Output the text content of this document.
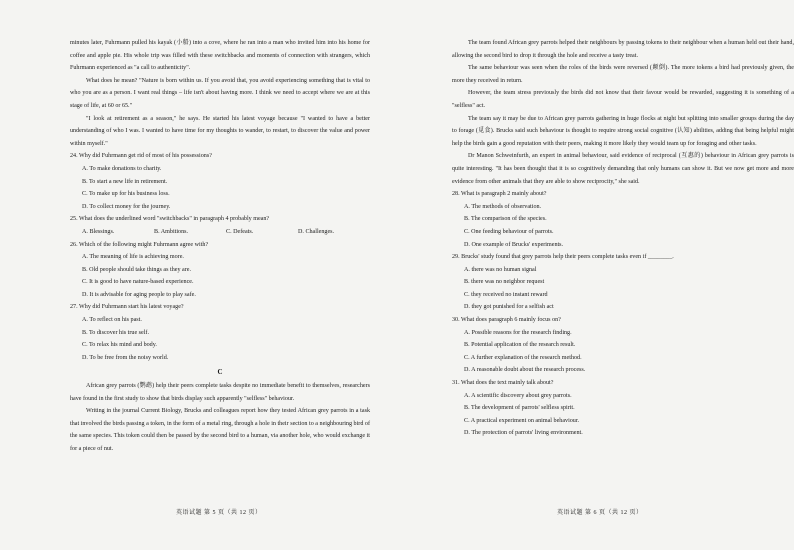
minutes later, Fuhrmann pulled his kayak (小船) into a cove, where he ran into a man who invited him into his home for coffee and apple pie. His whole trip was filled with these switchbacks and moments of connection with strangers, which Fuhrmann experienced as "a call to authenticity".

What does he mean? "Nature is born within us. If you avoid that, you avoid experiencing something that is vital to who you are as a person. I want real things – life isn't about having more. I think we need to accept where we are at this stage of life, at 60 or 65."

"I look at retirement as a season," he says. He started his latest voyage because "I wanted to have a better understanding of who I was. I wanted to have time for my thoughts to wander, to restart, to discover the value and power within myself."

24. Why did Fuhrmann get rid of most of his possessions?

A. To make donations to charity.

B. To start a new life in retirement.

C. To make up for his business loss.

D. To collect money for the journey.

25. What does the underlined word "switchbacks" in paragraph 4 probably mean?

A. Blessings.	B. Ambitions.	C. Defeats.	D. Challenges.

26. Which of the following might Fuhrmann agree with?

A. The meaning of life is achieving more.

B. Old people should take things as they are.

C. It is good to have nature-based experience.

D. It is advisable for aging people to play safe.

27. Why did Fuhrmann start his latest voyage?

A. To reflect on his past.

B. To discover his true self.

C. To relax his mind and body.

D. To be free from the noisy world.

C

African grey parrots (鹦鹉) help their peers complete tasks despite no immediate benefit to themselves, researchers have found in the first study to show that birds display such apparently "selfless" behaviour.

Writing in the journal Current Biology, Brucks and colleagues report how they tested African grey parrots in a task that involved the birds passing a token, in the form of a metal ring, through a hole in their section to a neighbouring bird of the same species. This token could then be passed by the second bird to a human, via another hole, who would exchange it for a piece of nut.

英语试题 第 5 页（共 12 页）

The team found African grey parrots helped their neighbours by passing tokens to their neighbour when a human held out their hand, allowing the second bird to drop it through the hole and receive a tasty treat.

The same behaviour was seen when the roles of the birds were reversed (颠倒). The more tokens a bird had previously given, the more they received in return.

However, the team stress previously the birds did not know that their favour would be rewarded, suggesting it is something of a "selfless" act.

The team say it may be due to African grey parrots gathering in huge flocks at night but splitting into smaller groups during the day to forage (觅食). Brucks said such behaviour is thought to require strong social cognitive (认知) abilities, adding that being helpful might help the birds gain a good reputation with their peers, making it more likely they would team up for foraging and other tasks.

Dr Manon Schweinfurth, an expert in animal behaviour, said evidence of reciprocal (互惠的) behaviour in African grey parrots is quite interesting. "It has been thought that it is so cognitively demanding that only humans can show it. But we now get more and more evidence from other animals that they are able to show reciprocity," she said.

28. What is paragraph 2 mainly about?

A. The methods of observation.

B. The comparison of the species.

C. One feeding behaviour of parrots.

D. One example of Brucks' experiments.

29. Brucks' study found that grey parrots help their peers complete tasks even if ________.

A. there was no human signal

B. there was no neighbor request

C. they received no instant reward

D. they got punished for a selfish act

30. What does paragraph 6 mainly focus on?

A. Possible reasons for the research finding.

B. Potential application of the research result.

C. A further explanation of the research method.

D. A reasonable doubt about the research process.

31. What does the text mainly talk about?

A. A scientific discovery about grey parrots.

B. The development of parrots' selfless spirit.

C. A practical experiment on animal behaviour.

D. The protection of parrots' living environment.

英语试题 第 6 页（共 12 页）
